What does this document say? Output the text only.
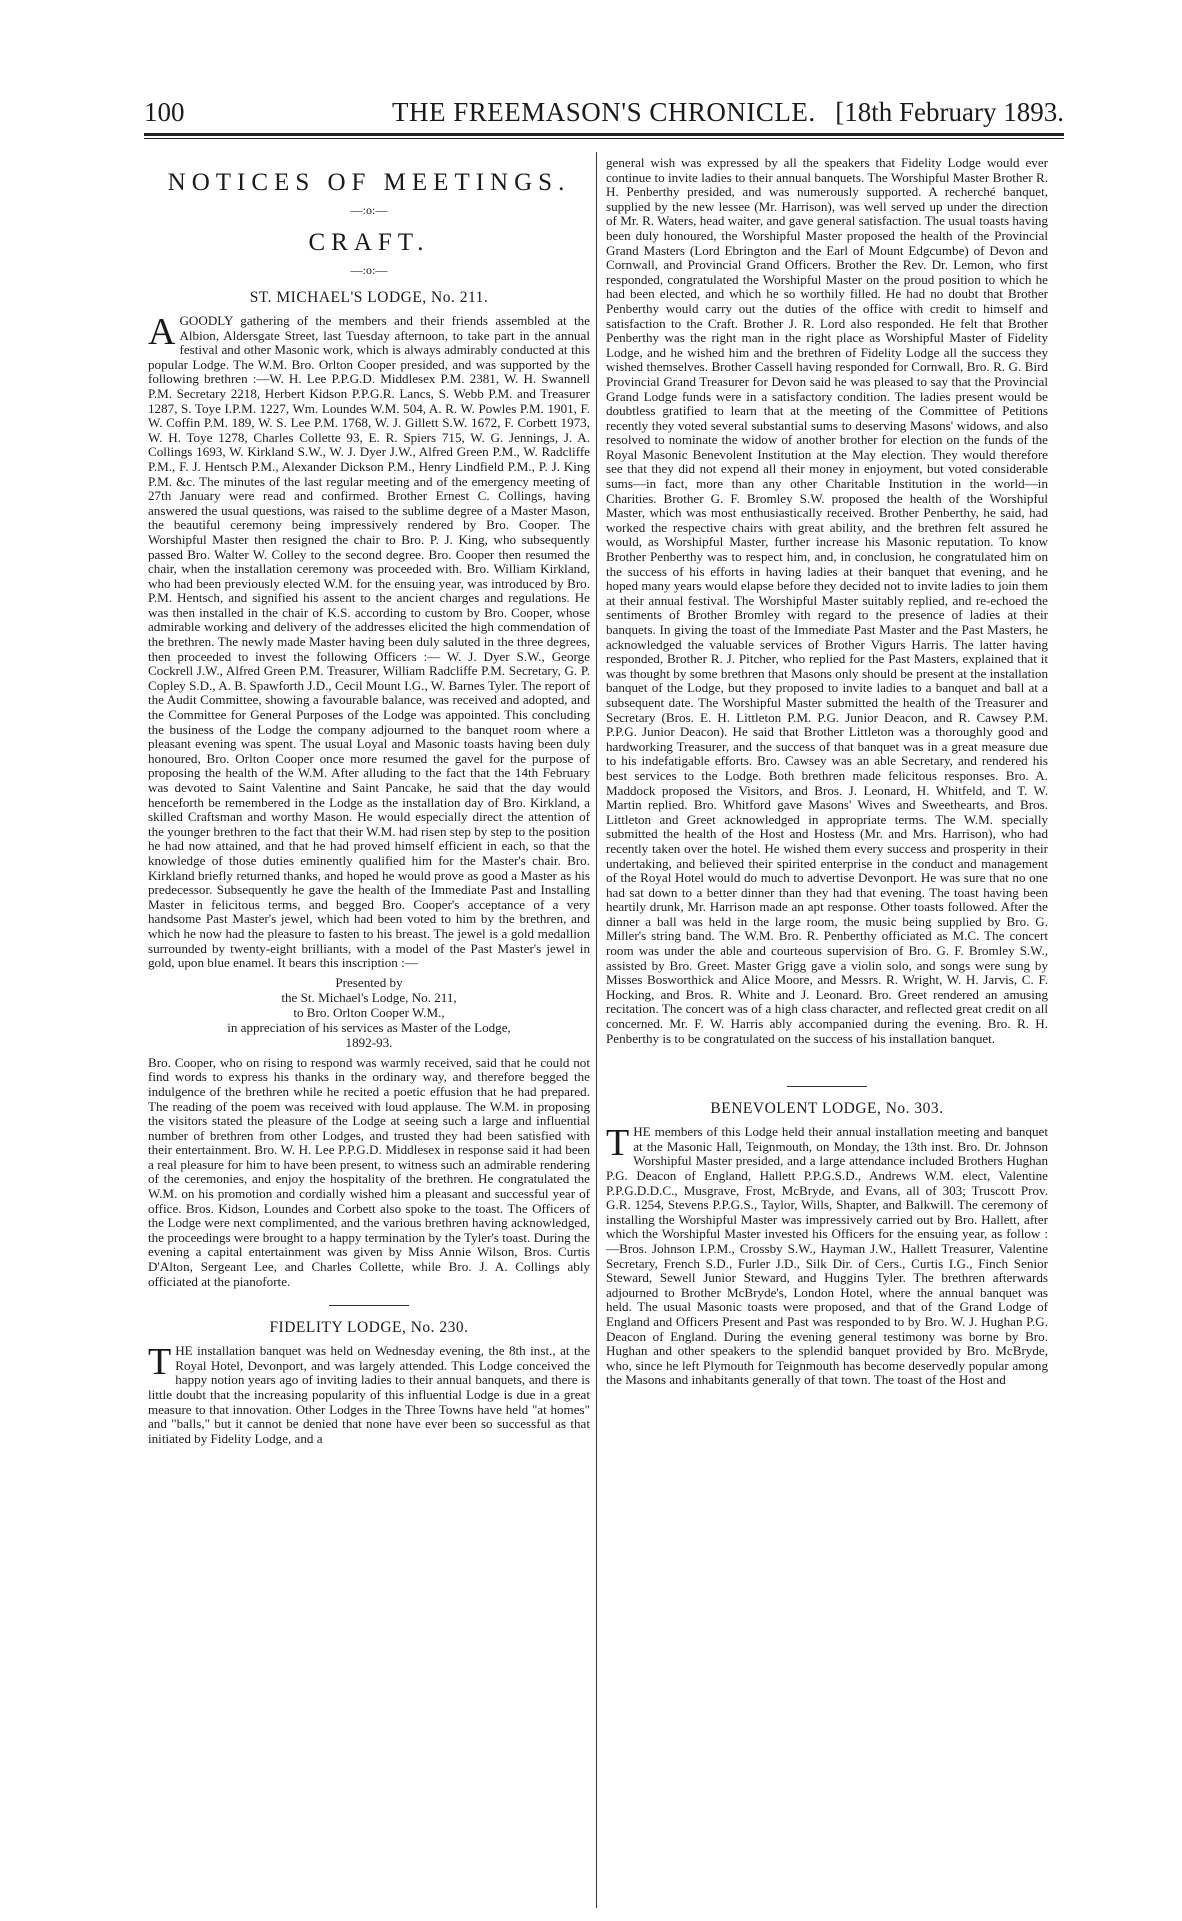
100	THE FREEMASON'S CHRONICLE. [18th February 1893.
NOTICES OF MEETINGS.
—:o:—
CRAFT.
—:o:—
ST. MICHAEL'S LODGE, No. 211.

AGOODLY gathering of the members and their friends assembled at the Albion, Aldersgate Street, last Tuesday afternoon, to take part in the annual festival and other Masonic work, which is always admirably conducted at this popular Lodge. The W.M. Bro. Orlton Cooper presided, and was supported by the following brethren :—W. H. Lee P.P.G.D. Middlesex P.M. 2381, W. H. Swannell P.M. Secretary 2218, Herbert Kidson P.P.G.R. Lancs, S. Webb P.M. and Treasurer 1287, S. Toye I.P.M. 1227, Wm. Loundes W.M. 504, A. R. W. Powles P.M. 1901, F. W. Coffin P.M. 189, W. S. Lee P.M. 1768, W. J. Gillett S.W. 1672, F. Corbett 1973, W. H. Toye 1278, Charles Collette 93, E. R. Spiers 715, W. G. Jennings, J. A. Collings 1693, W. Kirkland S.W., W. J. Dyer J.W., Alfred Green P.M., W. Radcliffe P.M., F. J. Hentsch P.M., Alexander Dickson P.M., Henry Lindfield P.M., P. J. King P.M. &c. The minutes of the last regular meeting and of the emergency meeting of 27th January were read and confirmed. Brother Ernest C. Collings, having answered the usual questions, was raised to the sublime degree of a Master Mason, the beautiful ceremony being impressively rendered by Bro. Cooper. The Worshipful Master then resigned the chair to Bro. P. J. King, who subsequently passed Bro. Walter W. Colley to the second degree. Bro. Cooper then resumed the chair, when the installation ceremony was proceeded with. Bro. William Kirkland, who had been previously elected W.M. for the ensuing year, was introduced by Bro. P.M. Hentsch, and signified his assent to the ancient charges and regulations. He was then installed in the chair of K.S. according to custom by Bro. Cooper, whose admirable working and delivery of the addresses elicited the high commendation of the brethren. The newly made Master having been duly saluted in the three degrees, then proceeded to invest the following Officers :— W. J. Dyer S.W., George Cockrell J.W., Alfred Green P.M. Treasurer, William Radcliffe P.M. Secretary, G. P. Copley S.D., A. B. Spawforth J.D., Cecil Mount I.G., W. Barnes Tyler. The report of the Audit Committee, showing a favourable balance, was received and adopted, and the Committee for General Purposes of the Lodge was appointed. This concluding the business of the Lodge the company adjourned to the banquet room where a pleasant evening was spent. The usual Loyal and Masonic toasts having been duly honoured, Bro. Orlton Cooper once more resumed the gavel for the purpose of proposing the health of the W.M. After alluding to the fact that the 14th February was devoted to Saint Valentine and Saint Pancake, he said that the day would henceforth be remembered in the Lodge as the installation day of Bro. Kirkland, a skilled Craftsman and worthy Mason. He would especially direct the attention of the younger brethren to the fact that their W.M. had risen step by step to the position he had now attained, and that he had proved himself efficient in each, so that the knowledge of those duties eminently qualified him for the Master's chair. Bro. Kirkland briefly returned thanks, and hoped he would prove as good a Master as his predecessor. Subsequently he gave the health of the Immediate Past and Installing Master in felicitous terms, and begged Bro. Cooper's acceptance of a very handsome Past Master's jewel, which had been voted to him by the brethren, and which he now had the pleasure to fasten to his breast. The jewel is a gold medallion surrounded by twenty-eight brilliants, with a model of the Past Master's jewel in gold, upon blue enamel. It bears this inscription :—

Presented by
the St. Michael's Lodge, No. 211,
to Bro. Orlton Cooper W.M.,
in appreciation of his services as Master of the Lodge,
1892-93.

Bro. Cooper, who on rising to respond was warmly received, said that he could not find words to express his thanks in the ordinary way, and therefore begged the indulgence of the brethren while he recited a poetic effusion that he had prepared. The reading of the poem was received with loud applause. The W.M. in proposing the visitors stated the pleasure of the Lodge at seeing such a large and influential number of brethren from other Lodges, and trusted they had been satisfied with their entertainment. Bro. W. H. Lee P.P.G.D. Middlesex in response said it had been a real pleasure for him to have been present, to witness such an admirable rendering of the ceremonies, and enjoy the hospitality of the brethren. He congratulated the W.M. on his promotion and cordially wished him a pleasant and successful year of office. Bros. Kidson, Loundes and Corbett also spoke to the toast. The Officers of the Lodge were next complimented, and the various brethren having acknowledged, the proceedings were brought to a happy termination by the Tyler's toast. During the evening a capital entertainment was given by Miss Annie Wilson, Bros. Curtis D'Alton, Sergeant Lee, and Charles Collette, while Bro. J. A. Collings ably officiated at the pianoforte.

FIDELITY LODGE, No. 230.

THE installation banquet was held on Wednesday evening, the 8th inst., at the Royal Hotel, Devonport, and was largely attended. This Lodge conceived the happy notion years ago of inviting ladies to their annual banquets, and there is little doubt that the increasing popularity of this influential Lodge is due in a great measure to that innovation. Other Lodges in the Three Towns have held "at homes" and "balls," but it cannot be denied that none have ever been so successful as that initiated by Fidelity Lodge, and a

general wish was expressed by all the speakers that Fidelity Lodge would ever continue to invite ladies to their annual banquets. The Worshipful Master Brother R. H. Penberthy presided, and was numerously supported. A recherché banquet, supplied by the new lessee (Mr. Harrison), was well served up under the direction of Mr. R. Waters, head waiter, and gave general satisfaction. The usual toasts having been duly honoured, the Worshipful Master proposed the health of the Provincial Grand Masters (Lord Ebrington and the Earl of Mount Edgcumbe) of Devon and Cornwall, and Provincial Grand Officers. Brother the Rev. Dr. Lemon, who first responded, congratulated the Worshipful Master on the proud position to which he had been elected, and which he so worthily filled. He had no doubt that Brother Penberthy would carry out the duties of the office with credit to himself and satisfaction to the Craft. Brother J. R. Lord also responded. He felt that Brother Penberthy was the right man in the right place as Worshipful Master of Fidelity Lodge, and he wished him and the brethren of Fidelity Lodge all the success they wished themselves. Brother Cassell having responded for Cornwall, Bro. R. G. Bird Provincial Grand Treasurer for Devon said he was pleased to say that the Provincial Grand Lodge funds were in a satisfactory condition. The ladies present would be doubtless gratified to learn that at the meeting of the Committee of Petitions recently they voted several substantial sums to deserving Masons' widows, and also resolved to nominate the widow of another brother for election on the funds of the Royal Masonic Benevolent Institution at the May election. They would therefore see that they did not expend all their money in enjoyment, but voted considerable sums—in fact, more than any other Charitable Institution in the world—in Charities. Brother G. F. Bromley S.W. proposed the health of the Worshipful Master, which was most enthusiastically received. Brother Penberthy, he said, had worked the respective chairs with great ability, and the brethren felt assured he would, as Worshipful Master, further increase his Masonic reputation. To know Brother Penberthy was to respect him, and, in conclusion, he congratulated him on the success of his efforts in having ladies at their banquet that evening, and he hoped many years would elapse before they decided not to invite ladies to join them at their annual festival. The Worshipful Master suitably replied, and re-echoed the sentiments of Brother Bromley with regard to the presence of ladies at their banquets. In giving the toast of the Immediate Past Master and the Past Masters, he acknowledged the valuable services of Brother Vigurs Harris. The latter having responded, Brother R. J. Pitcher, who replied for the Past Masters, explained that it was thought by some brethren that Masons only should be present at the installation banquet of the Lodge, but they proposed to invite ladies to a banquet and ball at a subsequent date. The Worshipful Master submitted the health of the Treasurer and Secretary (Bros. E. H. Littleton P.M. P.G. Junior Deacon, and R. Cawsey P.M. P.P.G. Junior Deacon). He said that Brother Littleton was a thoroughly good and hardworking Treasurer, and the success of that banquet was in a great measure due to his indefatigable efforts. Bro. Cawsey was an able Secretary, and rendered his best services to the Lodge. Both brethren made felicitous responses. Bro. A. Maddock proposed the Visitors, and Bros. J. Leonard, H. Whitfeld, and T. W. Martin replied. Bro. Whitford gave Masons' Wives and Sweethearts, and Bros. Littleton and Greet acknowledged in appropriate terms. The W.M. specially submitted the health of the Host and Hostess (Mr. and Mrs. Harrison), who had recently taken over the hotel. He wished them every success and prosperity in their undertaking, and believed their spirited enterprise in the conduct and management of the Royal Hotel would do much to advertise Devonport. He was sure that no one had sat down to a better dinner than they had that evening. The toast having been heartily drunk, Mr. Harrison made an apt response. Other toasts followed. After the dinner a ball was held in the large room, the music being supplied by Bro. G. Miller's string band. The W.M. Bro. R. Penberthy officiated as M.C. The concert room was under the able and courteous supervision of Bro. G. F. Bromley S.W., assisted by Bro. Greet. Master Grigg gave a violin solo, and songs were sung by Misses Bosworthick and Alice Moore, and Messrs. R. Wright, W. H. Jarvis, C. F. Hocking, and Bros. R. White and J. Leonard. Bro. Greet rendered an amusing recitation. The concert was of a high class character, and reflected great credit on all concerned. Mr. F. W. Harris ably accompanied during the evening. Bro. R. H. Penberthy is to be congratulated on the success of his installation banquet.

BENEVOLENT LODGE, No. 303.

THE members of this Lodge held their annual installation meeting and banquet at the Masonic Hall, Teignmouth, on Monday, the 13th inst. Bro. Dr. Johnson Worshipful Master presided, and a large attendance included Brothers Hughan P.G. Deacon of England, Hallett P.P.G.S.D., Andrews W.M. elect, Valentine P.P.G.D.D.C., Musgrave, Frost, McBryde, and Evans, all of 303; Truscott Prov. G.R. 1254, Stevens P.P.G.S., Taylor, Wills, Shapter, and Balkwill. The ceremony of installing the Worshipful Master was impressively carried out by Bro. Hallett, after which the Worshipful Master invested his Officers for the ensuing year, as follow :—Bros. Johnson I.P.M., Crossby S.W., Hayman J.W., Hallett Treasurer, Valentine Secretary, French S.D., Furler J.D., Silk Dir. of Cers., Curtis I.G., Finch Senior Steward, Sewell Junior Steward, and Huggins Tyler. The brethren afterwards adjourned to Brother McBryde's, London Hotel, where the annual banquet was held. The usual Masonic toasts were proposed, and that of the Grand Lodge of England and Officers Present and Past was responded to by Bro. W. J. Hughan P.G. Deacon of England. During the evening general testimony was borne by Bro. Hughan and other speakers to the splendid banquet provided by Bro. McBryde, who, since he left Plymouth for Teignmouth has become deservedly popular among the Masons and inhabitants generally of that town. The toast of the Host and
